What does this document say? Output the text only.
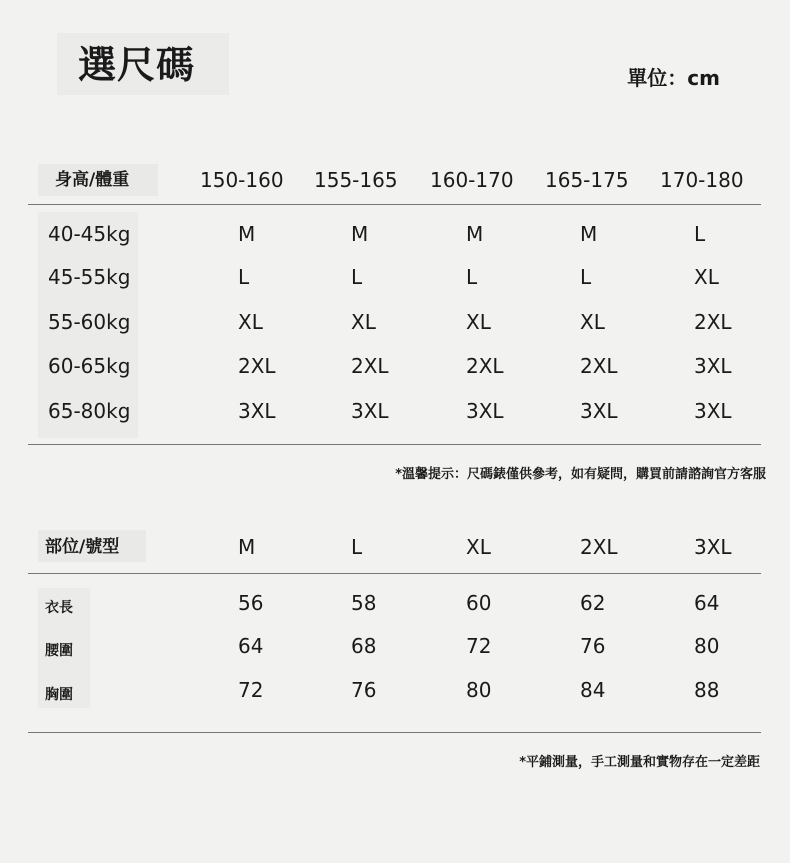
選尺碼	單位：cm
身高/體重	150-160 155-165 160-170 165-175 170-180
40-45kg	M	M	M	M	L
45-55kg	L	L	L	L	XL
55-60kg	XL	XL	XL	XL	2XL
60-65kg	2XL	2XL	2XL	2XL	3XL
65-80kg	3XL	3XL	3XL	3XL	3XL
*溫馨提示：尺碼錶僅供參考，如有疑問，購買前請諮詢官方客服
部位/號型	M	L	XL	2XL	3XL
衣長	56	58	60	62	64
腰圍	64	68	72	76	80
胸圍	72	76	80	84	88
*平鋪測量，手工測量和實物存在一定差距
